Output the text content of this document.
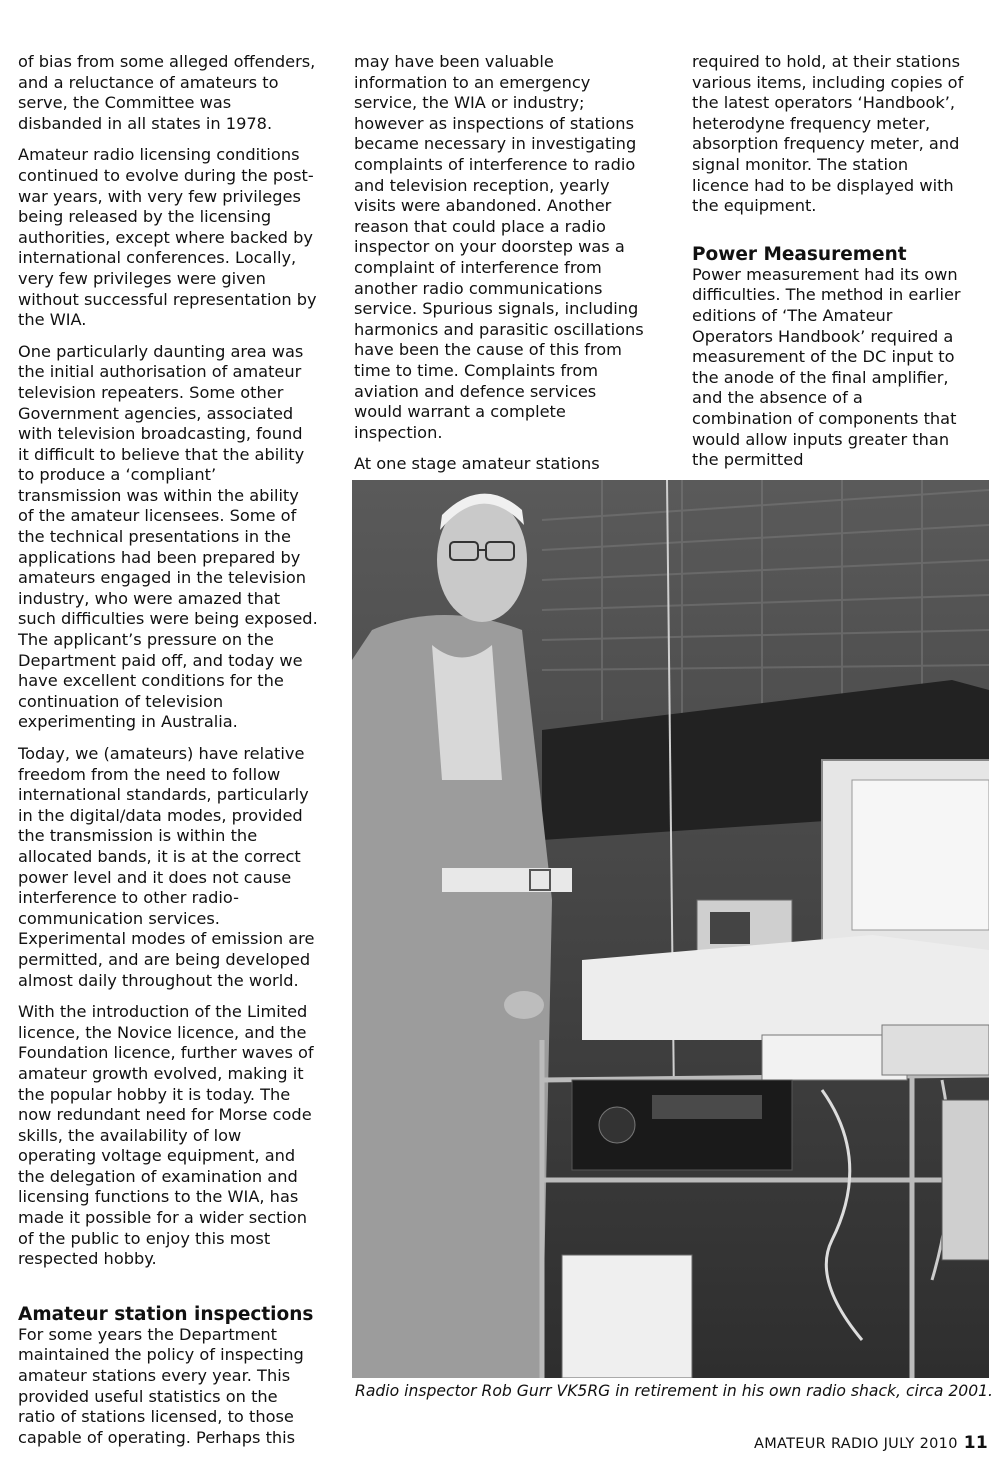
of bias from some alleged offenders, and a reluctance of amateurs to serve, the Committee was disbanded in all states in 1978.

Amateur radio licensing conditions continued to evolve during the post-war years, with very few privileges being released by the licensing authorities, except where backed by international conferences. Locally, very few privileges were given without successful representation by the WIA.

One particularly daunting area was the initial authorisation of amateur television repeaters. Some other Government agencies, associated with television broadcasting, found it difficult to believe that the ability to produce a ‘compliant’ transmission was within the ability of the amateur licensees. Some of the technical presentations in the applications had been prepared by amateurs engaged in the television industry, who were amazed that such difficulties were being exposed. The applicant’s pressure on the Department paid off, and today we have excellent conditions for the continuation of television experimenting in Australia.

Today, we (amateurs) have relative freedom from the need to follow international standards, particularly in the digital/data modes, provided the transmission is within the allocated bands, it is at the correct power level and it does not cause interference to other radio-communication services. Experimental modes of emission are permitted, and are being developed almost daily throughout the world.

With the introduction of the Limited licence, the Novice licence, and the Foundation licence, further waves of amateur growth evolved, making it the popular hobby it is today. The now redundant need for Morse code skills, the availability of low operating voltage equipment, and the delegation of examination and licensing functions to the WIA, has made it possible for a wider section of the public to enjoy this most respected hobby.

Amateur station inspections

For some years the Department maintained the policy of inspecting amateur stations every year. This provided useful statistics on the ratio of stations licensed, to those capable of operating. Perhaps this

may have been valuable information to an emergency service, the WIA or industry; however as inspections of stations became necessary in investigating complaints of interference to radio and television reception, yearly visits were abandoned. Another reason that could place a radio inspector on your doorstep was a complaint of interference from another radio communications service. Spurious signals, including harmonics and parasitic oscillations have been the cause of this from time to time. Complaints from aviation and defence services would warrant a complete inspection.

At one stage amateur stations

required to hold, at their stations various items, including copies of the latest operators ‘Handbook’, heterodyne frequency meter, absorption frequency meter, and signal monitor. The station licence had to be displayed with the equipment.

Power Measurement

Power measurement had its own difficulties. The method in earlier editions of ‘The Amateur Operators Handbook’ required a measurement of the DC input to the anode of the final amplifier, and the absence of a combination of components that would allow inputs greater than the permitted

Radio inspector Rob Gurr VK5RG in retirement in his own radio shack, circa 2001.
AMATEUR RADIO JULY 2010 11
